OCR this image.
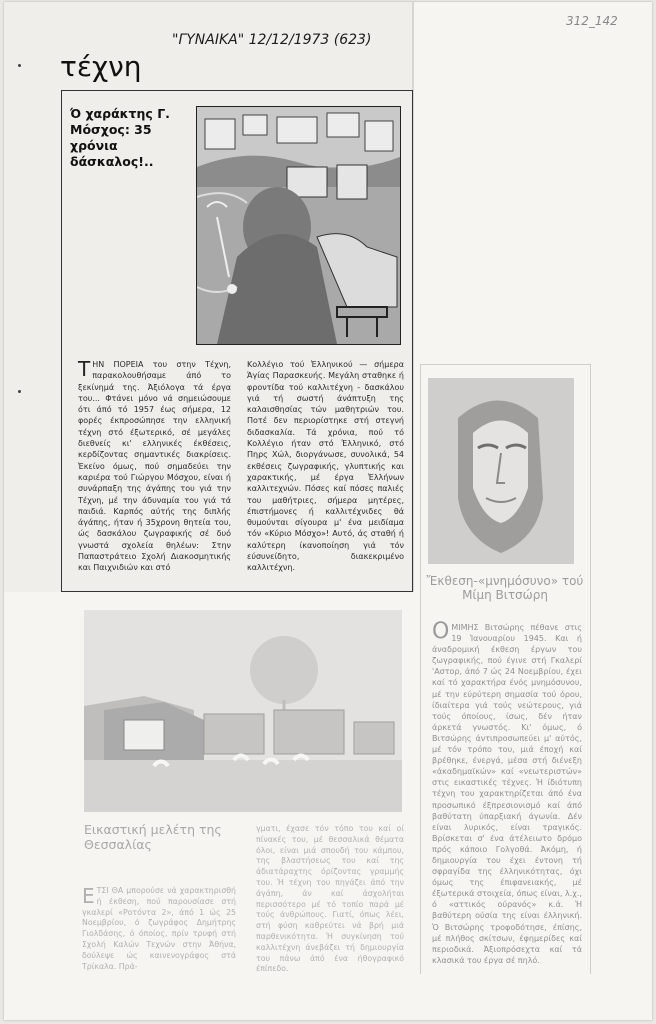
"ΓΥΝΑΙΚΑ" 12/12/1973 (623)
312_142
τέχνη
Ό χαράκτης Γ. Μόσχος: 35 χρόνια δάσκαλος!..
Τ ΗΝ ΠΟΡΕΙΑ του στην Τέχνη, παρακολουθήσαμε άπό το ξεκίνημά της. Ἀξιόλογα τά έργα του... Φτάνει μόνο νά σημειώσουμε ότι άπό τό 1957 έως σήμερα, 12 φορές έκπροσώπησε την ελληνική τέχνη στό έξωτερικό, σέ μεγάλες διεθνείς κι' ελληνικές έκθέσεις, κερδίζοντας σημαντικές διακρίσεις. Ἐκείνο όμως, πού σημαδεύει την καριέρα τού Γιώργου Μόσχου, είναι ή συνάρπαξη της άγάπης του γιά την Τέχνη, μέ την άδυναμία του γιά τά παιδιά. Καρπός αύτής της διπλής άγάπης, ήταν ή 35χρονη θητεία του, ώς δασκάλου ζωγραφικής σέ δυό γνωστά σχολεία θηλέων: Στην Παπαστράτειο Σχολή Διακοσμητικής και Παιχνιδιών και στό
Κολλέγιο τού Ἑλληνικού — σήμερα Ἁγίας Παρασκευής. Μεγάλη σταθηκε ή φροντίδα τού καλλιτέχνη - δασκάλου γιά τή σωστή άνάπτυξη της καλαισθησίας τών μαθητριών του. Ποτέ δεν περιορίστηκε στή στεγνή διδασκαλία. Τά χρόνια, πού τό Κολλέγιο ήταν στό Ἑλληνικό, στό Πηρς Χώλ, διοργάνωσε, συνολικά, 54 εκθέσεις ζωγραφικής, γλυπτικής και χαρακτικής, μέ έργα Ἑλλήνων καλλιτεχνών. Πόσες καί πόσες παλιές του μαθήτριες, σήμερα μητέρες, έπιστήμονες ή καλλιτέχνιδες θά θυμούνται σίγουρα μ' ένα μειδίαμα τόν «Κύριο Μόσχο»! Αυτό, άς σταθή ή καλύτερη ίκανοποίηση γιά τόν εύσυνείδητο, διακεκριμένο καλλιτέχνη.
Ἔκθεση-«μνημόσυνο» τού Μίμη Βιτσώρη
Ο ΜΙΜΗΣ Βιτσώρης πέθανε στις 19 Ἰανουαρίου 1945. Και ή άναδρομική έκθεση έργων του ζωγραφικής, πού έγινε στή Γκαλερί 'Αστορ, άπό 7 ώς 24 Νοεμβρίου, έχει καί τό χαρακτήρα ένός μνημόσυνου, μέ την εύρύτερη σημασία τού όρου, ίδιαίτερα γιά τούς νεώτερους, γιά τούς όποίους, ίσως, δέν ήταν άρκετά γνωστός. Κι' όμως, ό Βιτσώρης άντιπροσωπεύει μ' αύτός, μέ τόν τρόπο του, μιά έποχή καί βρέθηκε, ένεργά, μέσα στή διένεξη «άκαδημαϊκών» καί «νεωτεριστών» στις εικαστικές τέχνες. Ἡ ίδιότυπη τέχνη του χαρακτηρίζεται άπό ένα προσωπικό έξπρεσιονισμό καί άπό βαθύτατη ύπαρξιακή άγωνία. Δέν είναι λυρικός, είναι τραγικός. Βρίσκεται σ' ένα άτέλειωτο δρόμο πρός κάποιο Γολγοθά. Ἀκόμη, ή δημιουργία του έχει έντονη τή σφραγίδα της έλληνικότητας, όχι όμως της έπιφανειακής, μέ έξωτερικά στοιχεία, όπως είναι, λ.χ., ό «αττικός ούρανός» κ.ά. Ἡ βαθύτερη ούσία της είναι έλληνική. Ὁ Βιτσώρης τροφοδότησε, έπίσης, μέ πλήθος σκίτσων, έφημερίδες καί περιοδικά. Ἀξιοπρόσεχτα καί τά κλασικά του έργα σέ πηλό.
Εικαστική μελέτη της Θεσσαλίας
Ε ΤΣΙ ΘΑ μπορούσε νά χαρακτηρισθή ή έκθεση, πού παρουσίασε στή γκαλερί «Ροτόντα 2», άπό 1 ώς 25 Νοεμβρίου, ό ζωγράφος Δημήτρης Γιολδάσης, ό όποίος, πρίν τρυφή στή Σχολή Καλών Τεχνών στην Ἀθήνα, δούλεψε ώς καινενογράφος στά Τρίκαλα. Πρά-
γματι, έχασε τόν τόπο του καί οί πίνακές του, μέ θεσσαλικά θέματα όλοι, είναι μιά σπουδή του κάμπου, της βλαστήσεως του καί της άδιατάραχτης όρίζοντας γραμμής του. Ἡ τέχνη του πηγάζει άπό την άγάπη, άν καί άσχολήται περισσότερο μέ τό τοπίο παρά μέ τούς άνθρώπους. Γιατί, όπως λέει, στή φύση καθρεύτει νά βρή μιά παρθενικότητα. Ἡ συγκίνηση τού καλλιτέχνη άνεβάζει τή δημιουργία του πάνω άπό ένα ήθογραφικό έπίπεδο.
